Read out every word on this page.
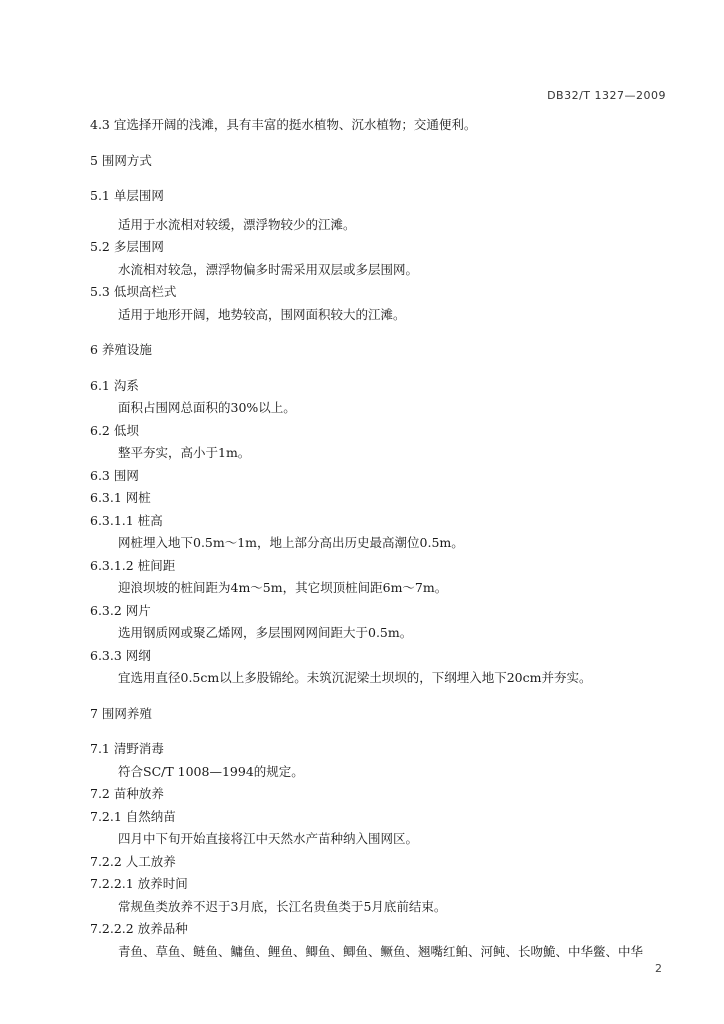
DB32/T 1327—2009
4.3 宜选择开阔的浅滩，具有丰富的挺水植物、沉水植物；交通便利。
5 围网方式
5.1 单层围网
适用于水流相对较缓，漂浮物较少的江滩。
5.2 多层围网
水流相对较急，漂浮物偏多时需采用双层或多层围网。
5.3 低坝高栏式
适用于地形开阔，地势较高，围网面积较大的江滩。
6 养殖设施
6.1 沟系
面积占围网总面积的30%以上。
6.2 低坝
整平夯实，高小于1m。
6.3 围网
6.3.1 网桩
6.3.1.1 桩高
网桩埋入地下0.5m～1m，地上部分高出历史最高潮位0.5m。
6.3.1.2 桩间距
迎浪坝坡的桩间距为4m～5m，其它坝顶桩间距6m～7m。
6.3.2 网片
选用钢质网或聚乙烯网，多层围网网间距大于0.5m。
6.3.3 网纲
宜选用直径0.5cm以上多股锦纶。未筑沉泥梁土坝坝的，下纲埋入地下20cm并夯实。
7 围网养殖
7.1 清野消毒
符合SC/T 1008—1994的规定。
7.2 苗种放养
7.2.1 自然纳苗
四月中下旬开始直接将江中天然水产苗种纳入围网区。
7.2.2 人工放养
7.2.2.1 放养时间
常规鱼类放养不迟于3月底，长江名贵鱼类于5月底前结束。
7.2.2.2 放养品种
青鱼、草鱼、鲢鱼、鳙鱼、鲤鱼、鲫鱼、鲫鱼、鳜鱼、翘嘴红鲌、河鲀、长吻鮠、中华鳖、中华
2
